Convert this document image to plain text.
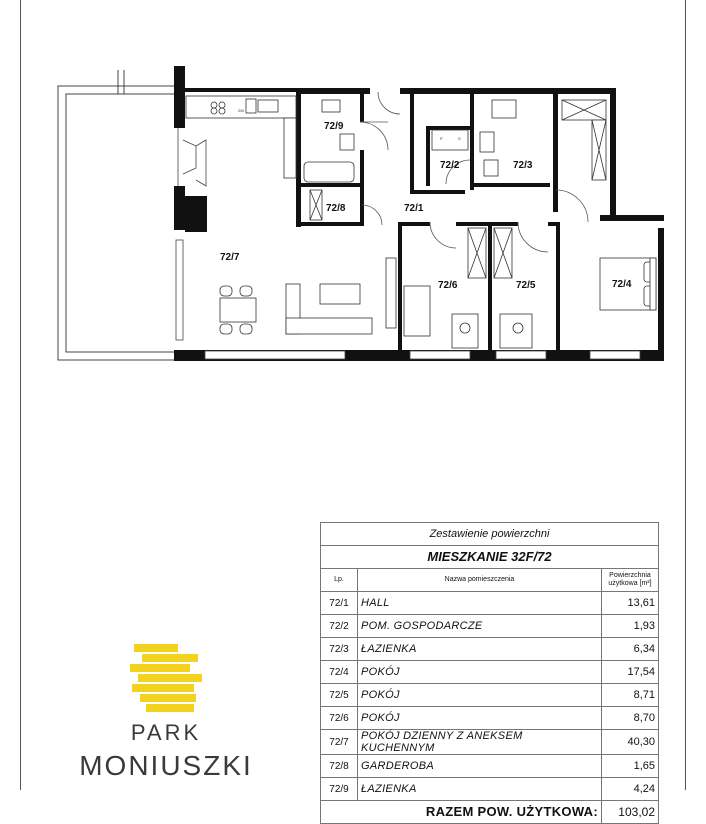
ZM
P	S
72/1
72/2	72/3
72/4
72/5
72/6
72/7
72/8
72/9
Zestawienie powierzchni		
MIESZKANIE 32F/72		
Lp.	Nazwa pomieszczenia	Powierzchnia użytkowa [m²]
72/1	HALL	13,61
72/2	POM. GOSPODARCZE	1,93
72/3	ŁAZIENKA	6,34
72/4	POKÓJ	17,54
72/5	POKÓJ	8,71
72/6	POKÓJ	8,70
72/7	POKÓJ DZIENNY Z ANEKSEM KUCHENNYM	40,30
72/8	GARDEROBA	1,65
72/9	ŁAZIENKA	4,24
RAZEM POW. UŻYTKOWA:		103,02
PARK
MONIUSZKI
